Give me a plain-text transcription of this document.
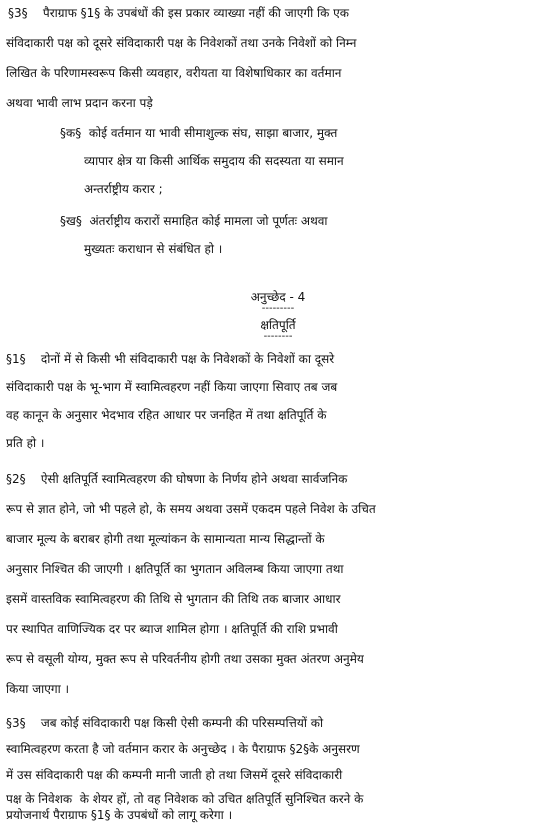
§3§    पैराग्राफ §1§ के उपबंधों की इस प्रकार व्याख्या नहीं की जाएगी कि एक
संविदाकारी पक्ष को दूसरे संविदाकारी पक्ष के निवेशकों तथा उनके निवेशों को निम्न
लिखित के परिणामस्वरूप किसी व्यवहार, वरीयता या विशेषाधिकार का वर्तमान
अथवा भावी लाभ प्रदान करना पड़े
§क§  कोई वर्तमान या भावी सीमाशुल्क संघ, साझा बाजार, मुक्त
व्यापार क्षेत्र या किसी आर्थिक समुदाय की सदस्यता या समान
अन्तर्राष्ट्रीय करार ;
§ख§  अंतर्राष्ट्रीय करारों समाहित कोई मामला जो पूर्णतः अथवा
मुख्यतः कराधान से संबंधित हो ।
अनुच्छेद - 4
---------
क्षतिपूर्ति
--------
§1§    दोनों में से किसी भी संविदाकारी पक्ष के निवेशकों के निवेशों का दूसरे
संविदाकारी पक्ष के भू-भाग में स्वामित्वहरण नहीं किया जाएगा सिवाए तब जब
वह कानून के अनुसार भेदभाव रहित आधार पर जनहित में तथा क्षतिपूर्ति के
प्रति हो ।
§2§    ऐसी क्षतिपूर्ति स्वामित्वहरण की घोषणा के निर्णय होने अथवा सार्वजनिक
रूप से ज्ञात होने, जो भी पहले हो, के समय अथवा उसमें एकदम पहले निवेश के उचित
बाजार मूल्य के बराबर होगी तथा मूल्यांकन के सामान्यता मान्य सिद्धान्तों के
अनुसार निश्चित की जाएगी । क्षतिपूर्ति का भुगतान अविलम्ब किया जाएगा तथा
इसमें वास्तविक स्वामित्वहरण की तिथि से भुगतान की तिथि तक बाजार आधार
पर स्थापित वाणिज्यिक दर पर ब्याज शामिल होगा । क्षतिपूर्ति की राशि प्रभावी
रूप से वसूली योग्य, मुक्त रूप से परिवर्तनीय होगी तथा उसका मुक्त अंतरण अनुमेय
किया जाएगा ।
§3§    जब कोई संविदाकारी पक्ष किसी ऐसी कम्पनी की परिसम्पत्तियों को
स्वामित्वहरण करता है जो वर्तमान करार के अनुच्छेद । के पैराग्राफ §2§के अनुसरण
में उस संविदाकारी पक्ष की कम्पनी मानी जाती हो तथा जिसमें दूसरे संविदाकारी
पक्ष के निवेशक  के शेयर हों, तो वह निवेशक को उचित क्षतिपूर्ति सुनिश्चित करने के
प्रयोजनार्थ पैराग्राफ §1§ के उपबंधों को लागू करेगा ।
